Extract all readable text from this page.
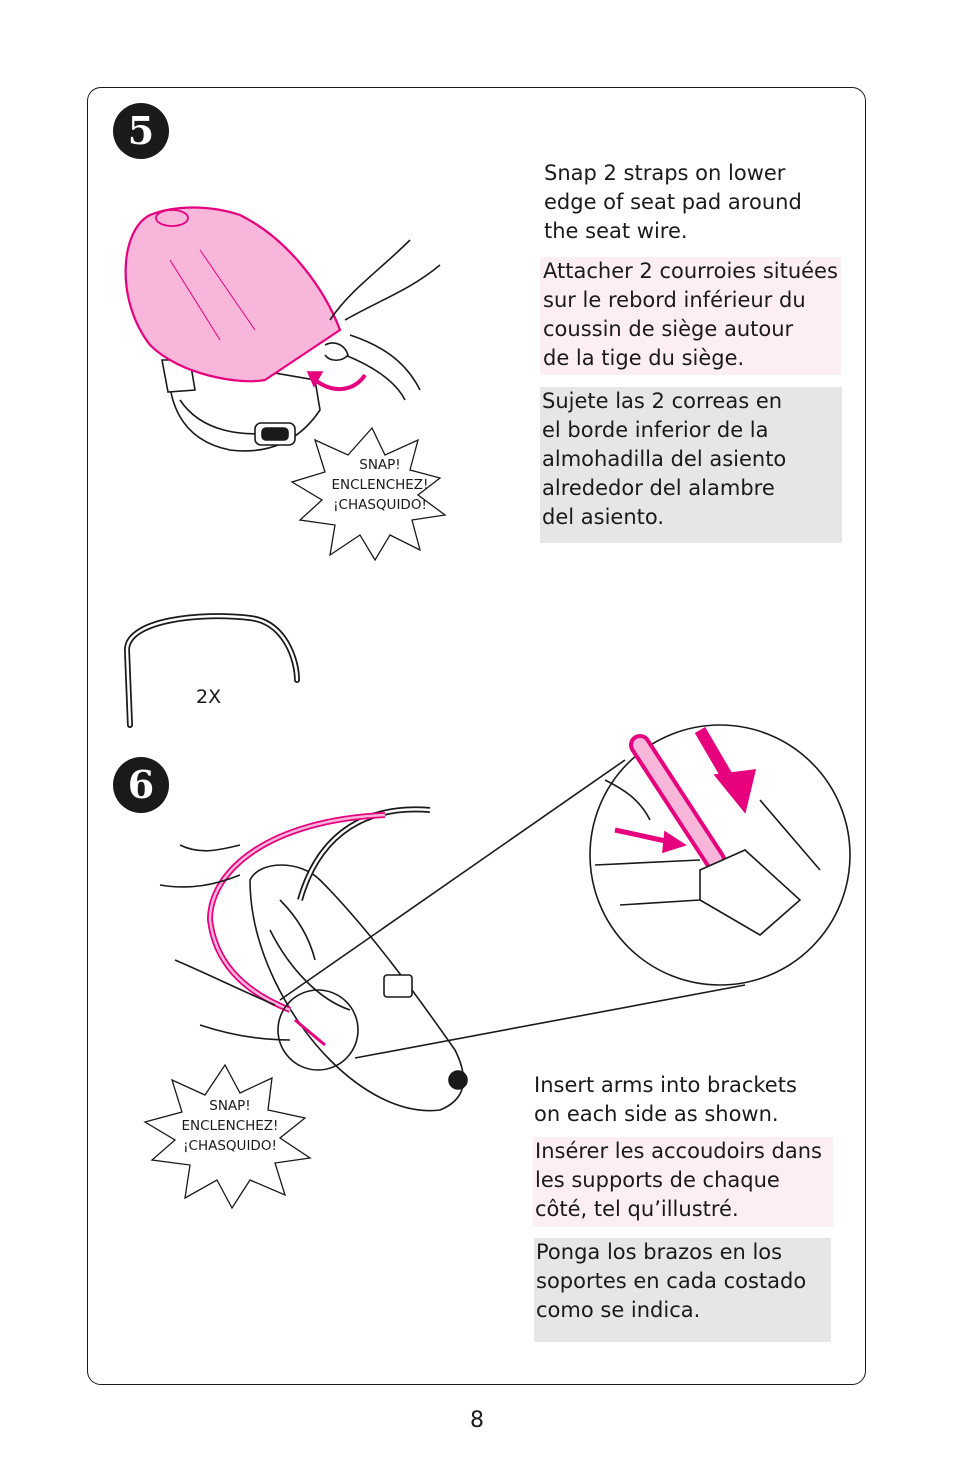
5
Snap 2 straps on lower
edge of seat pad around
the seat wire.
Attacher 2 courroies situées
sur le rebord inférieur du
coussin de siège autour
de la tige du siège.
Sujete las 2 correas en
el borde inferior de la
almohadilla del asiento
alrededor del alambre
del asiento.
SNAP!
ENCLENCHEZ!
¡CHASQUIDO!
2X
6
Insert arms into brackets
on each side as shown.
Insérer les accoudoirs dans
les supports de chaque
côté, tel qu’illustré.
Ponga los brazos en los
soportes en cada costado
como se indica.
SNAP!
ENCLENCHEZ!
¡CHASQUIDO!
8
